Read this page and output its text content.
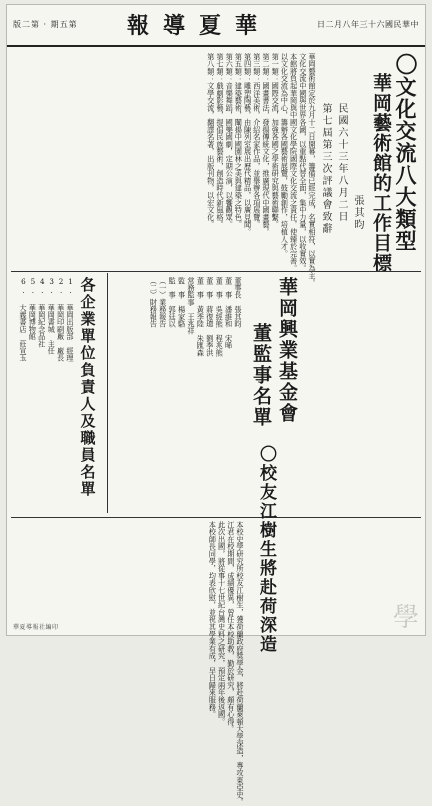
版二第 · 期五第 報導夏華	日二月八年三十六國民華中
〇文化交流八大類型
華岡藝術館的工作目標
張其昀
民國六十三年八月二日
第七屆第三次評議會致辭

華岡藝術館定於九月十二日開幕，籌備已經完成，名實相符，以實為主。

文化交流中國與世界各國，以重點代替全面，集中力量，以收實效。

本館將負起華岡與中國文化學院國際文化交流之責任，使臻於完善。

以文化交流為中心，籌辦各國藝術展覽，鼓勵創作，培植人才。

第一類：國際交流，加強各國之學術研究與藝術聯繫。

第二類：國畫書法，發揚傳統文化，推廣現代中國畫藝。

第三類：西洋美術，介紹名家作品，並舉辦各項展覽。

第四類：雕塑陶藝，由陳列室展出歷代精品，以廣見聞。

第五類：建築藝術，闡揚中國園林之美與建築之特色。

第六類：音樂舞蹈，國樂國劇，定期公演，以饗觀眾。

第七類：戲劇影藝，提倡民族藝術，創造時代新風格。

第八類：文學交流，翻譯名著，出版刊物，以宏文化。

華岡興業基金會
董監事名單
董事長　張其昀
董　事　潘維和　宋晞
董　事　吳經熊　程兆熊
董　事　蔣復璁　劉季洪
董　事　黃季陸　朱匯森
常務監事　王兆祥
監　事　楊家駱
監　事　郭廷以
（一）業務報告
（二）財務報告
各企業單位負責人及職員名單
1. 華岡出版部　經理
2. 華岡印刷廠　廠長
3. 華岡書城　主任
4. 華岡紀念品社
5. 華岡博物館
6. 大義書店　莊宣玉
〇校友江樹生將赴荷深造

本校史學研究所校友江樹生，獲荷蘭政府獎學金，將赴荷蘭萊頓大學深造，專攻東亞史。

江君在校期間，成績優異，曾任本校助教，勤於研究，頗有心得。

此次出國，將從事十七世紀台灣史料之研究，預定兩年後返國。

本校師長同學，均表欣慰，並祝其學業有成，早日歸來服務。	學
華夏導報社編印
